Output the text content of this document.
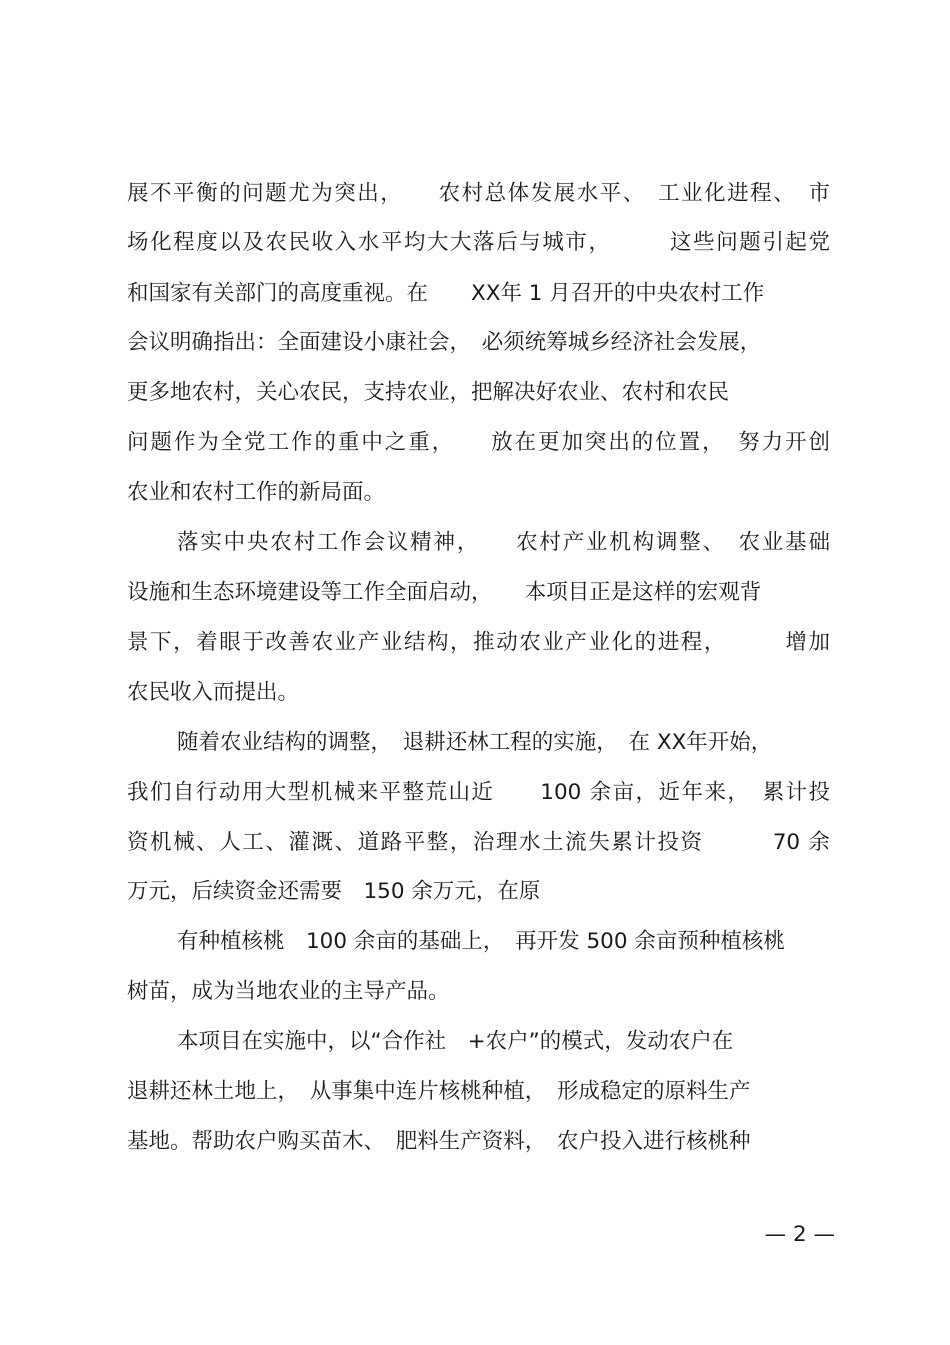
展不平衡的问题尤为突出，　　农村总体发展水平、　工业化进程、　市
场化程度以及农民收入水平均大大落后与城市，　　　这些问题引起党
和国家有关部门的高度重视。在　　XX年 1 月召开的中央农村工作
会议明确指出：全面建设小康社会，　必须统筹城乡经济社会发展，
更多地农村，关心农民，支持农业，把解决好农业、农村和农民
问题作为全党工作的重中之重，　　放在更加突出的位置，　努力开创
农业和农村工作的新局面。
落实中央农村工作会议精神，　　农村产业机构调整、　农业基础
设施和生态环境建设等工作全面启动，　　本项目正是这样的宏观背
景下，着眼于改善农业产业结构，推动农业产业化的进程，　　　增加
农民收入而提出。
随着农业结构的调整，　退耕还林工程的实施，　在 XX年开始，
我们自行动用大型机械来平整荒山近　　100 余亩，近年来，　累计投
资机械、人工、灌溉、道路平整，治理水土流失累计投资　　　70 余
万元，后续资金还需要　150 余万元，在原
有种植核桃　100 余亩的基础上，　再开发 500 余亩预种植核桃
树苗，成为当地农业的主导产品。
本项目在实施中，以“合作社　+农户”的模式，发动农户在
退耕还林土地上，　从事集中连片核桃种植，　形成稳定的原料生产
基地。帮助农户购买苗木、　肥料生产资料，　农户投入进行核桃种
— 2 —
